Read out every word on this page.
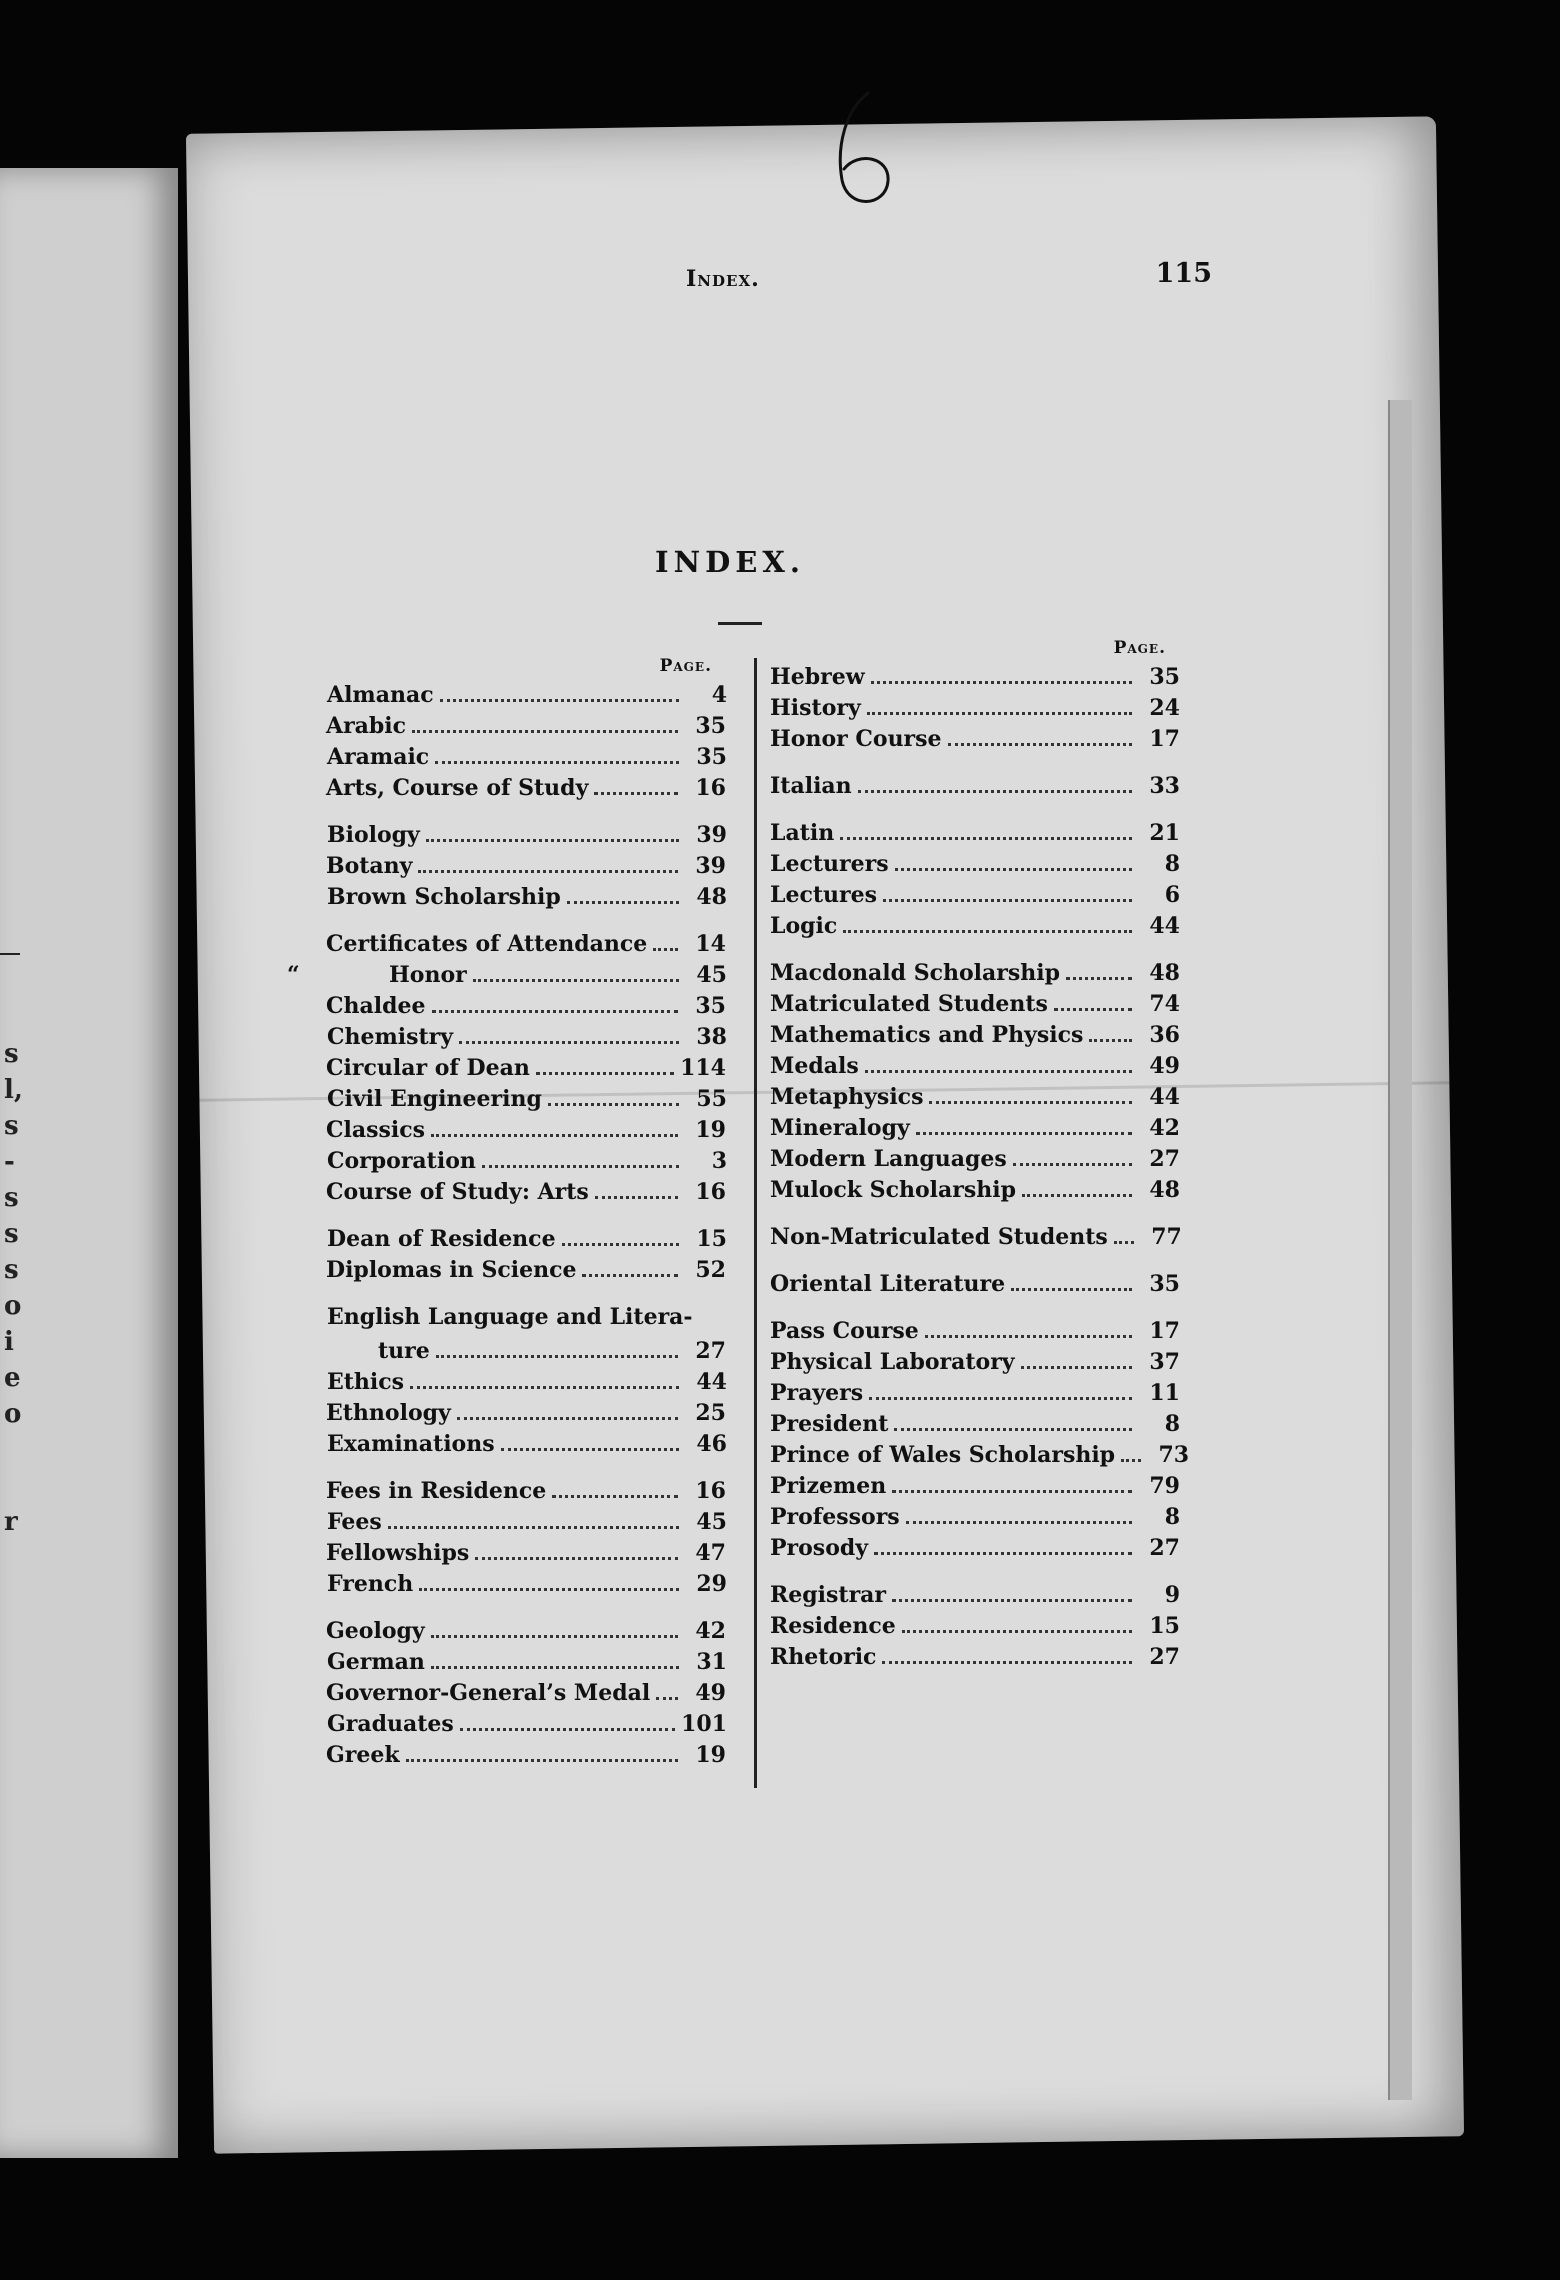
s
l,
s
-
s
s
s
o
i
e
o
r
Index.	115
INDEX.
Page.
Almanac	4
Arabic	35
Aramaic	35
Arts, Course of Study	16
Biology	39
Botany	39
Brown Scholarship	48
Certificates of Attendance	14
“	Honor	45
Chaldee	35
Chemistry	38
Circular of Dean	114
Civil Engineering	55
Classics	19
Corporation	3
Course of Study: Arts	16
Dean of Residence	15
Diplomas in Science	52
English Language and Litera-
ture	27
Ethics	44
Ethnology	25
Examinations	46
Fees in Residence	16
Fees	45
Fellowships	47
French	29
Geology	42
German	31
Governor-General’s Medal	49
Graduates	101
Greek	19
Page.
Hebrew	35
History	24
Honor Course	17
Italian	33
Latin	21
Lecturers	8
Lectures	6
Logic	44
Macdonald Scholarship	48
Matriculated Students	74
Mathematics and Physics	36
Medals	49
Metaphysics	44
Mineralogy	42
Modern Languages	27
Mulock Scholarship	48
Non-Matriculated Students	77
Oriental Literature	35
Pass Course	17
Physical Laboratory	37
Prayers	11
President	8
Prince of Wales Scholarship	73
Prizemen	79
Professors	8
Prosody	27
Registrar	9
Residence	15
Rhetoric	27
